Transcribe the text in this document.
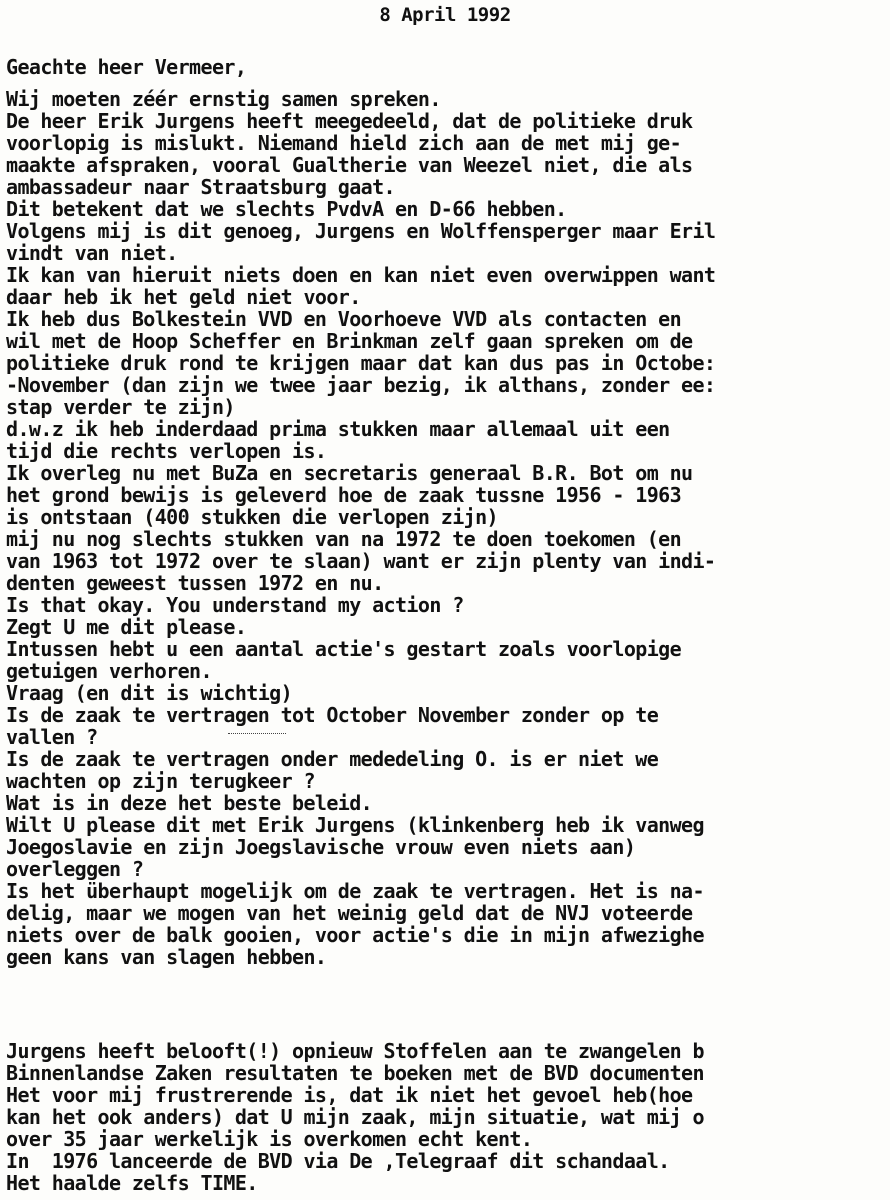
8 April 1992
Geachte heer Vermeer,
Wij moeten zéér ernstig samen spreken.
De heer Erik Jurgens heeft meegedeeld, dat de politieke druk
voorlopig is mislukt. Niemand hield zich aan de met mij ge-
maakte afspraken, vooral Gualtherie van Weezel niet, die als
ambassadeur naar Straatsburg gaat.
Dit betekent dat we slechts PvdvA en D-66 hebben.
Volgens mij is dit genoeg, Jurgens en Wolffensperger maar Eril
vindt van niet.
Ik kan van hieruit niets doen en kan niet even overwippen want
daar heb ik het geld niet voor.
Ik heb dus Bolkestein VVD en Voorhoeve VVD als contacten en
wil met de Hoop Scheffer en Brinkman zelf gaan spreken om de
politieke druk rond te krijgen maar dat kan dus pas in Octobe:
-November (dan zijn we twee jaar bezig, ik althans, zonder ee:
stap verder te zijn)
d.w.z ik heb inderdaad prima stukken maar allemaal uit een
tijd die rechts verlopen is.
Ik overleg nu met BuZa en secretaris generaal B.R. Bot om nu
het grond bewijs is geleverd hoe de zaak tussne 1956 - 1963
is ontstaan (400 stukken die verlopen zijn)
mij nu nog slechts stukken van na 1972 te doen toekomen (en
van 1963 tot 1972 over te slaan) want er zijn plenty van indi-
denten geweest tussen 1972 en nu.
Is that okay. You understand my action ?
Zegt U me dit please.
Intussen hebt u een aantal actie's gestart zoals voorlopige
getuigen verhoren.
Vraag (en dit is wichtig)
Is de zaak te vertragen tot October November zonder op te
vallen ?
Is de zaak te vertragen onder mededeling O. is er niet we
wachten op zijn terugkeer ?
Wat is in deze het beste beleid.
Wilt U please dit met Erik Jurgens (klinkenberg heb ik vanweg
Joegoslavie en zijn Joegslavische vrouw even niets aan)
overleggen ?
Is het überhaupt mogelijk om de zaak te vertragen. Het is na-
delig, maar we mogen van het weinig geld dat de NVJ voteerde
niets over de balk gooien, voor actie's die in mijn afwezighe
geen kans van slagen hebben.
Jurgens heeft belooft(!) opnieuw Stoffelen aan te zwangelen b
Binnenlandse Zaken resultaten te boeken met de BVD documenten
Het voor mij frustrerende is, dat ik niet het gevoel heb(hoe
kan het ook anders) dat U mijn zaak, mijn situatie, wat mij o
over 35 jaar werkelijk is overkomen echt kent.
In  1976 lanceerde de BVD via De ,Telegraaf dit schandaal.
Het haalde zelfs TIME.
